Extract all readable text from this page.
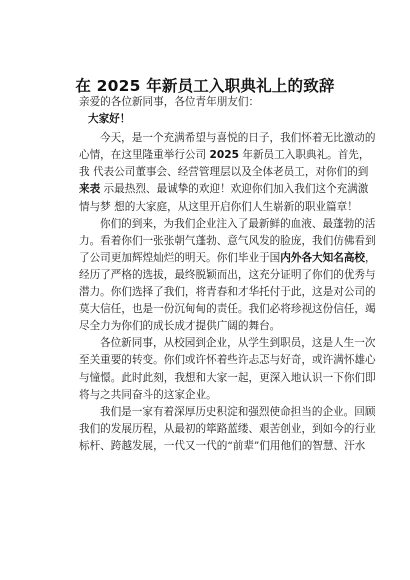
在 2025 年新员工入职典礼上的致辞
亲爱的各位新同事，各位青年朋友们：
大家好！
今天，是一个充满希望与喜悦的日子，我们怀着无比激动的
心情，在这里隆重举行公司 2025 年新员工入职典礼。首先，
我 代表公司董事会、经营管理层以及全体老员工，对你们的到
来表 示最热烈、最诚挚的欢迎！欢迎你们加入我们这个充满激
情与梦 想的大家庭，从这里开启你们人生崭新的职业篇章！
你们的到来，为我们企业注入了最新鲜的血液、最蓬勃的活
力。看着你们一张张朝气蓬勃、意气风发的脸庞，我们仿佛看到
了公司更加辉煌灿烂的明天。你们毕业于国内外各大知名高校，
经历了严格的选拔，最终脱颖而出，这充分证明了你们的优秀与
潜力。你们选择了我们，将青春和才华托付于此，这是对公司的
莫大信任，也是一份沉甸甸的责任。我们必将珍视这份信任，竭
尽全力为你们的成长成才提供广阔的舞台。
各位新同事，从校园到企业，从学生到职员，这是人生一次
至关重要的转变。你们或许怀着些许忐忑与好奇，或许满怀雄心
与憧憬。此时此刻，我想和大家一起，更深入地认识一下你们即
将与之共同奋斗的这家企业。
我们是一家有着深厚历史积淀和强烈使命担当的企业。回顾
我们的发展历程，从最初的筚路蓝缕、艰苦创业，到如今的行业
标杆、跨越发展，一代又一代的“前辈”们用他们的智慧、汗水
